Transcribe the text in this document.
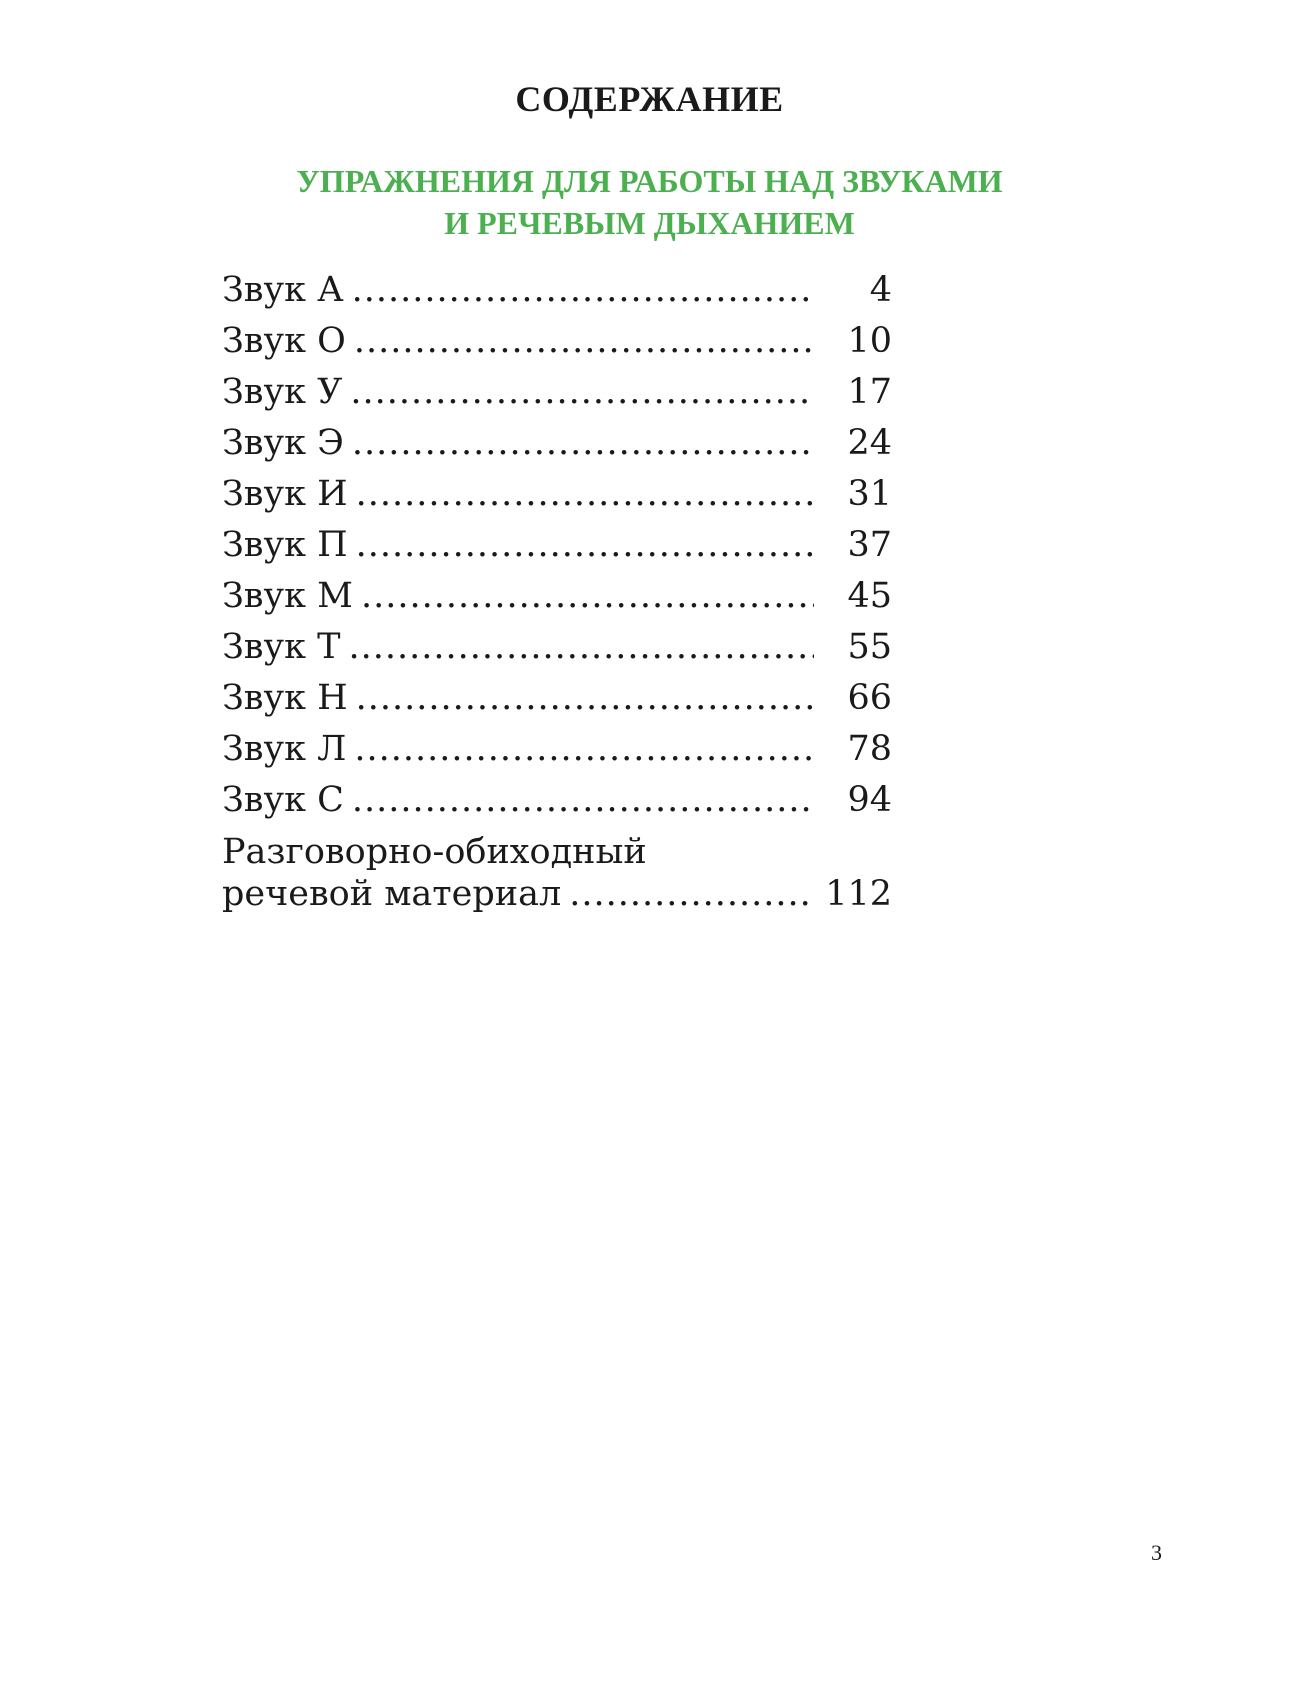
СОДЕРЖАНИЕ
УПРАЖНЕНИЯ ДЛЯ РАБОТЫ НАД ЗВУКАМИ
И РЕЧЕВЫМ ДЫХАНИЕМ
Звук А .....	4
Звук О .....	10
Звук У .....	17
Звук Э .....	24
Звук И .....	31
Звук П .....	37
Звук М .....	45
Звук Т .....	55
Звук Н .....	66
Звук Л .....	78
Звук С .....	94
Разговорно-обиходный
речевой материал .....	112
3
